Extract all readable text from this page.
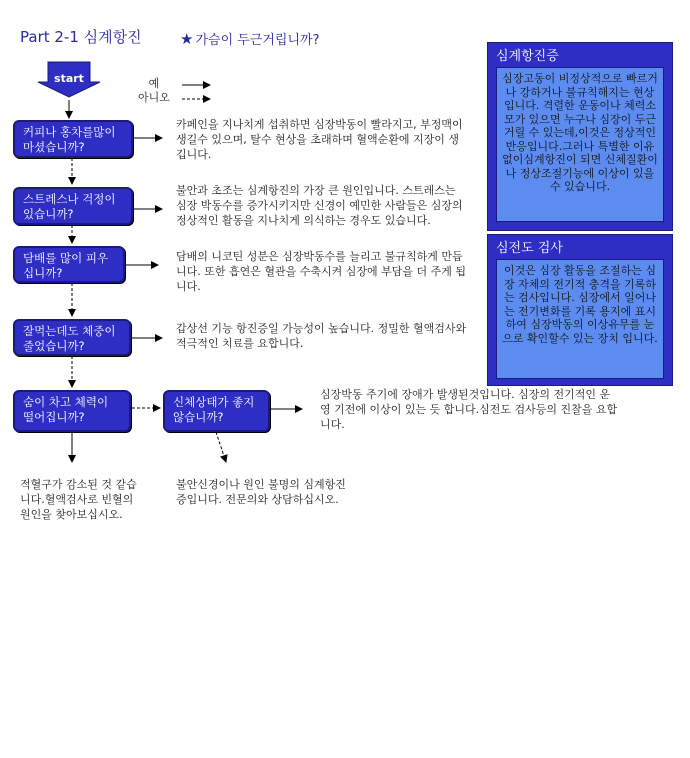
Part 2-1 심계항진	★ 가슴이 두근거립니까?
start	예
아니오
커피나 홍차를많이 마셨습니까?
스트레스나 걱정이 있습니까?
담배를 많이 피우십니까?
잘먹는데도 체중이 줄었습니까?
숨이 차고 체력이 떨어집니까?
신체상태가 좋지 않습니까?
카페인을 지나치게 섭취하면 심장박동이 빨라지고, 부정맥이 생길수 있으며, 탈수 현상을 초래하며 혈액순환에 지장이 생깁니다.
불안과 초조는 심계항진의 가장 큰 원인입니다. 스트레스는 심장 박동수를 증가시키지만 신경이 예민한 사람들은 심장의 정상적인 활동을 지나치게 의식하는 경우도 있습니다.
담배의 니코틴 성분은 심장박동수를 늘리고 불규칙하게 만듭니다. 또한 흡연은 혈관을 수축시켜 심장에 부담을 더 주게 됩니다.
갑상선 기능 항진증일 가능성이 높습니다. 정밀한 혈액검사와 적극적인 치료를 요합니다.
심장박동 주기에 장애가 발생된것입니다. 심장의 전기적인 운영 기전에 이상이 있는 듯 합니다.심전도 검사등의 진찰을 요합니다.
적혈구가 감소된 것 같습니다.혈액검사로 빈혈의 원인을 찾아보십시오.
불안신경이나 원인 불명의 심계항진증입니다. 전문의와 상담하십시오.
심계항진증
심장고동이 비정상적으로 빠르거나 강하거나 불규칙해지는 현상입니다. 격렬한 운동이나 체력소모가 있으면 누구나 심장이 두근거릴 수 있는데,이것은 정상적인 반응입니다.그러나 특별한 이유없이심계항진이 되면 신체질환이나 정상조절기능에 이상이 있을수 있습니다.
심전도 검사
이것은 심장 활동을 조절하는 심장 자체의 전기적 충격을 기록하는 검사입니다. 심장에서 일어나는 전기변화를 기록 용지에 표시하여 심장박동의 이상유무를 눈으로 확인할수 있는 장치 입니다.
